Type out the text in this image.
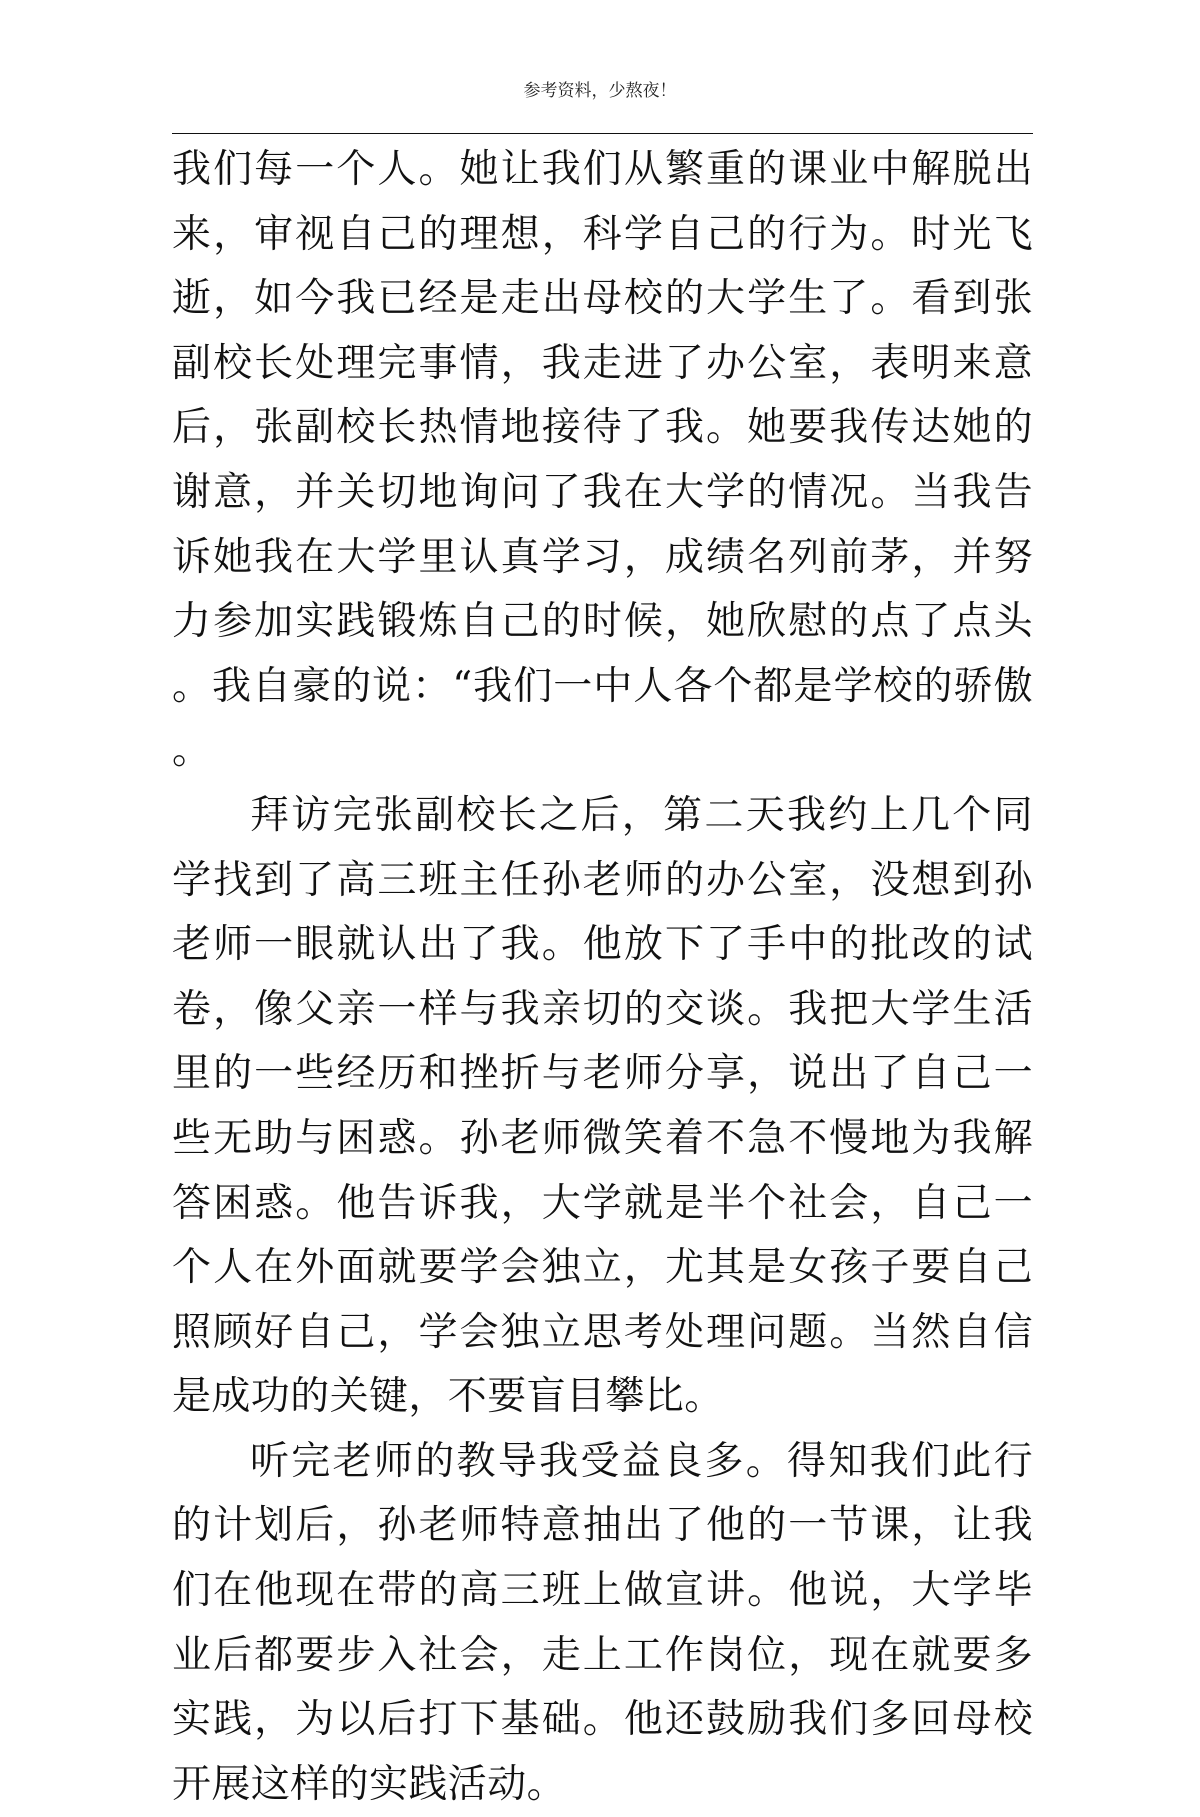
参考资料，少熬夜！

我们每一个人。她让我们从繁重的课业中解脱出来，审视自己的理想，科学自己的行为。时光飞逝，如今我已经是走出母校的大学生了。看到张副校长处理完事情，我走进了办公室，表明来意后，张副校长热情地接待了我。她要我传达她的谢意，并关切地询问了我在大学的情况。当我告诉她我在大学里认真学习，成绩名列前茅，并努力参加实践锻炼自己的时候，她欣慰的点了点头。我自豪的说：“我们一中人各个都是学校的骄傲。

拜访完张副校长之后，第二天我约上几个同学找到了高三班主任孙老师的办公室，没想到孙老师一眼就认出了我。他放下了手中的批改的试卷，像父亲一样与我亲切的交谈。我把大学生活里的一些经历和挫折与老师分享，说出了自己一些无助与困惑。孙老师微笑着不急不慢地为我解答困惑。他告诉我，大学就是半个社会，自己一个人在外面就要学会独立，尤其是女孩子要自己照顾好自己，学会独立思考处理问题。当然自信是成功的关键，不要盲目攀比。

听完老师的教导我受益良多。得知我们此行的计划后，孙老师特意抽出了他的一节课，让我们在他现在带的高三班上做宣讲。他说，大学毕业后都要步入社会，走上工作岗位，现在就要多实践，为以后打下基础。他还鼓励我们多回母校开展这样的实践活动。
